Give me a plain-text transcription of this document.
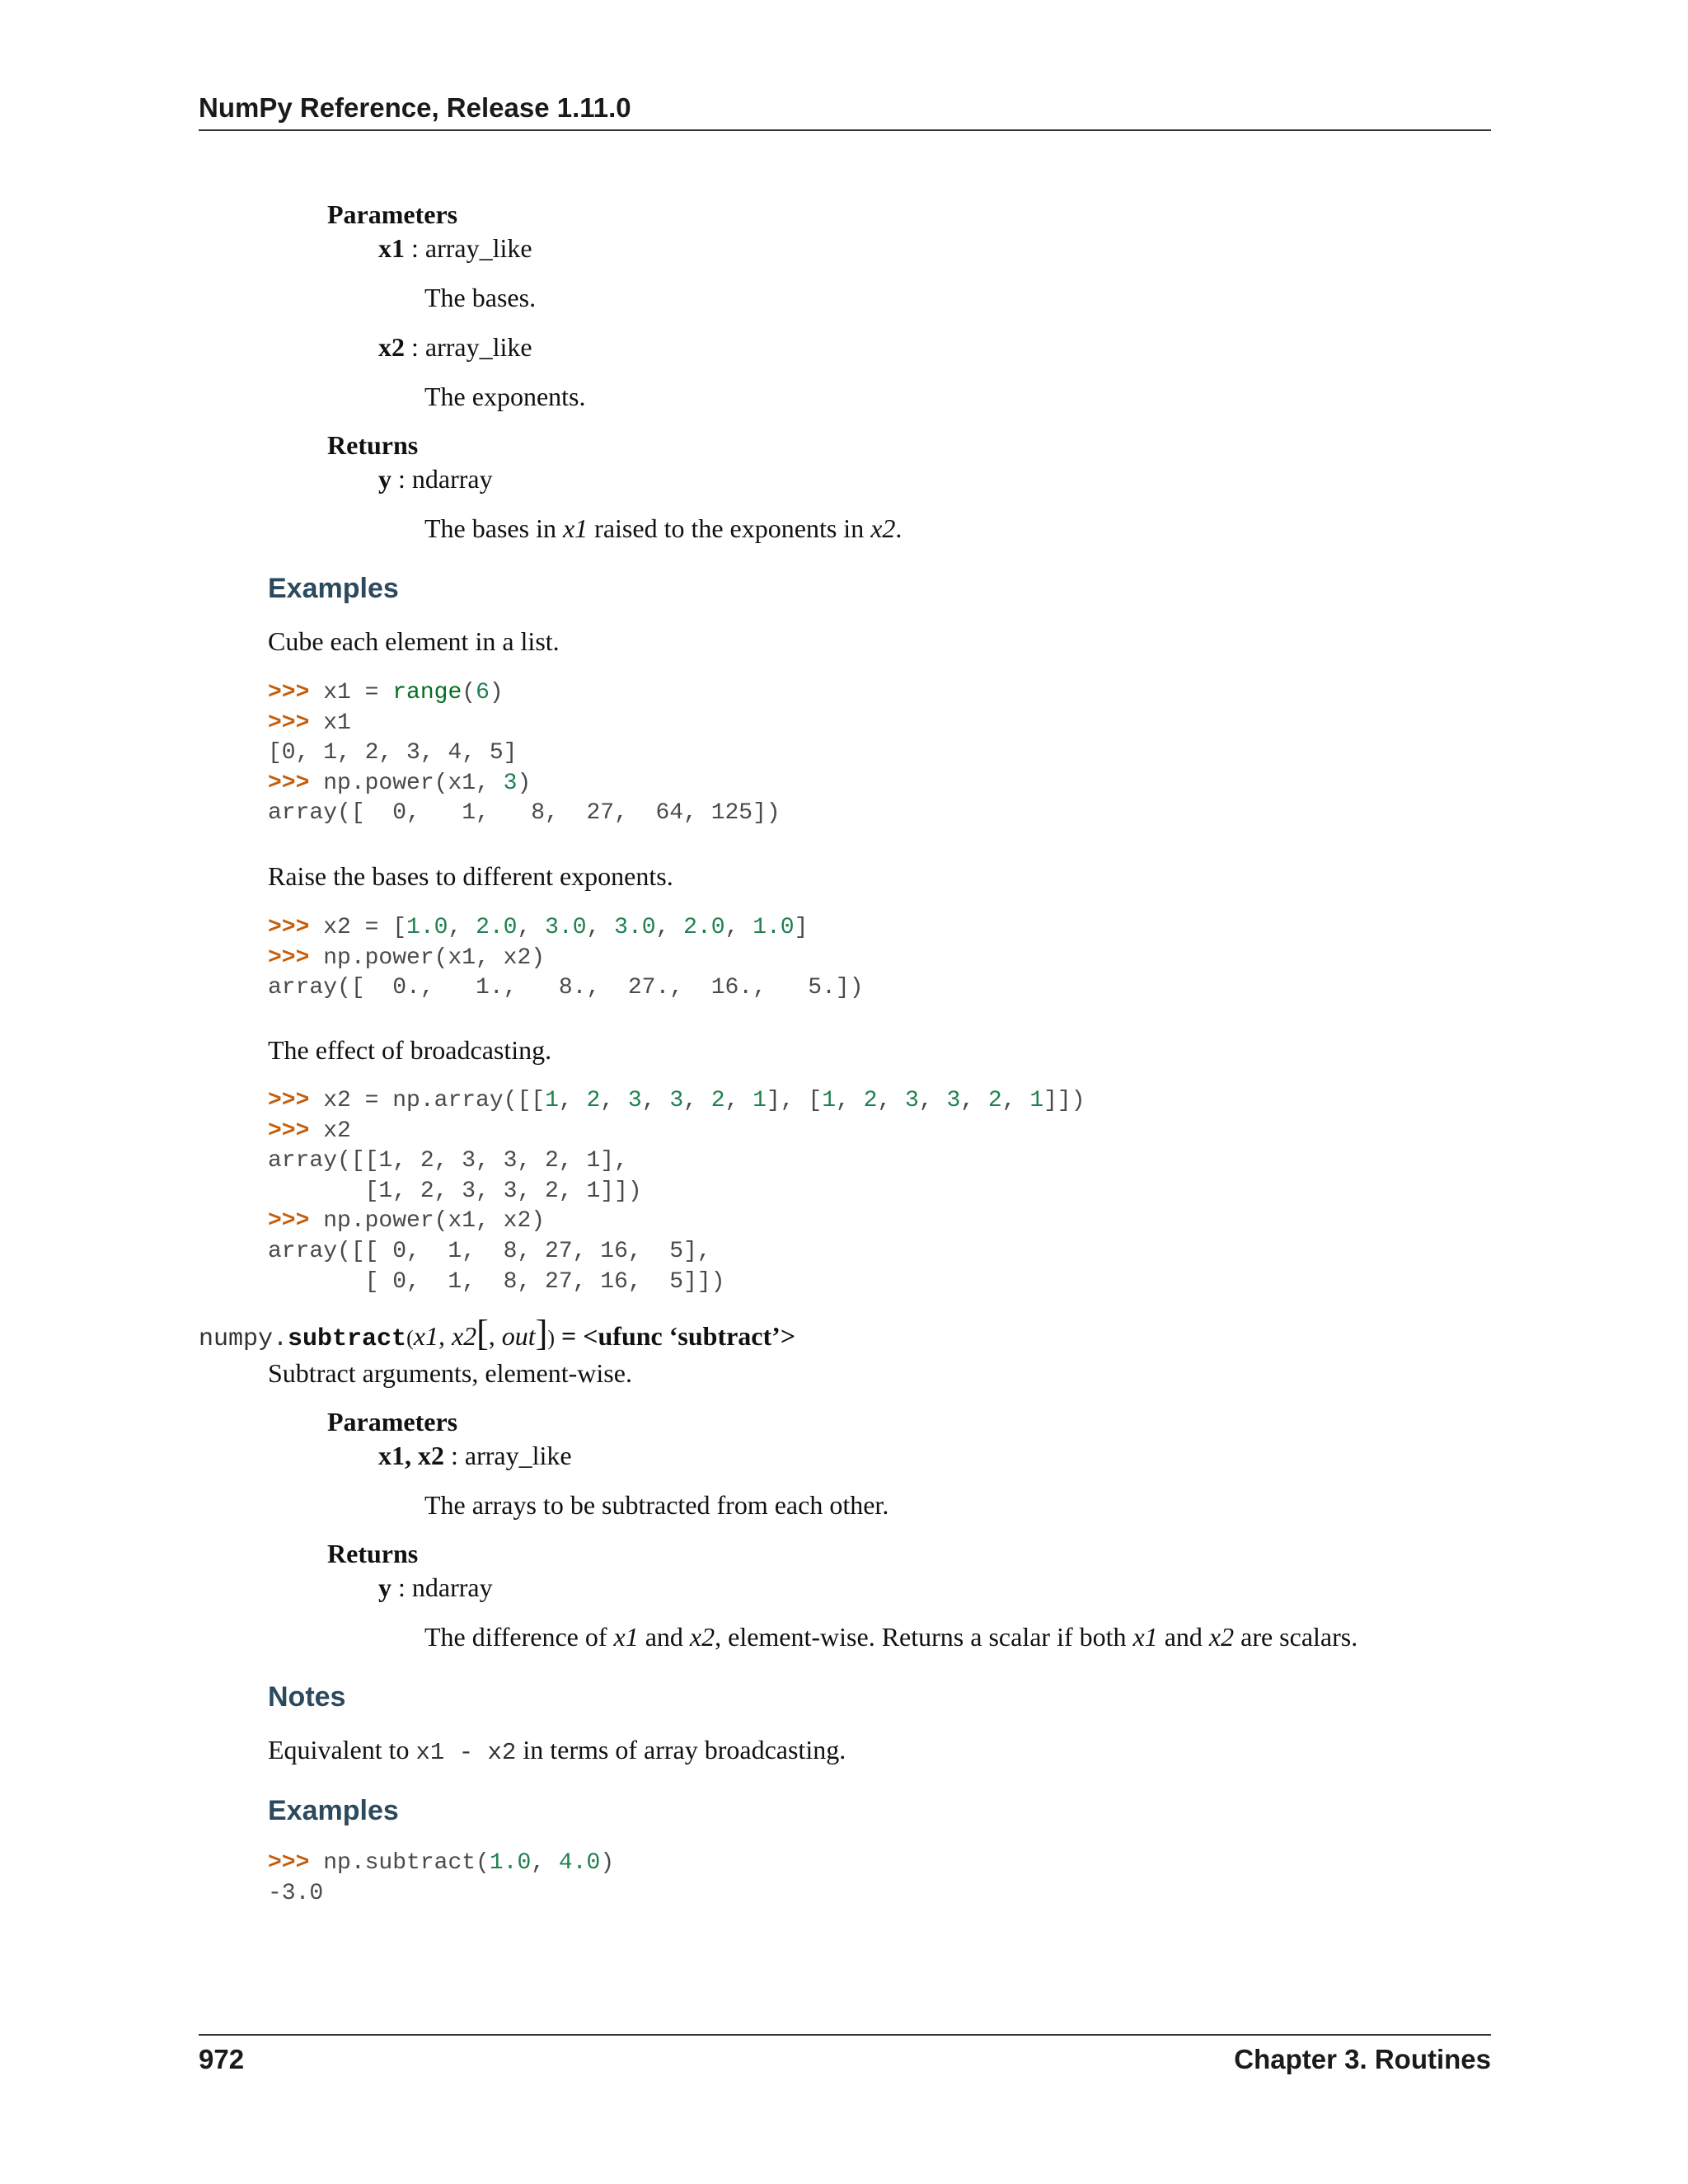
NumPy Reference, Release 1.11.0
Parameters
x1 : array_like
The bases.
x2 : array_like
The exponents.
Returns
y : ndarray
The bases in x1 raised to the exponents in x2.
Examples
Cube each element in a list.
>>> x1 = range(6)
>>> x1
[0, 1, 2, 3, 4, 5]
>>> np.power(x1, 3)
array([  0,   1,   8,  27,  64, 125])
Raise the bases to different exponents.
>>> x2 = [1.0, 2.0, 3.0, 3.0, 2.0, 1.0]
>>> np.power(x1, x2)
array([  0.,   1.,   8.,  27.,  16.,   5.])
The effect of broadcasting.
>>> x2 = np.array([[1, 2, 3, 3, 2, 1], [1, 2, 3, 3, 2, 1]])
>>> x2
array([[1, 2, 3, 3, 2, 1],
[1, 2, 3, 3, 2, 1]])
>>> np.power(x1, x2)
array([[ 0,  1,  8, 27, 16,  5],
[ 0,  1,  8, 27, 16,  5]])
numpy.subtract(x1, x2[, out]) = <ufunc ‘subtract’>
Subtract arguments, element-wise.
Parameters
x1, x2 : array_like
The arrays to be subtracted from each other.
Returns
y : ndarray
The difference of x1 and x2, element-wise. Returns a scalar if both x1 and x2 are scalars.
Notes
Equivalent to x1 - x2 in terms of array broadcasting.
Examples
>>> np.subtract(1.0, 4.0)
-3.0
972	Chapter 3. Routines
